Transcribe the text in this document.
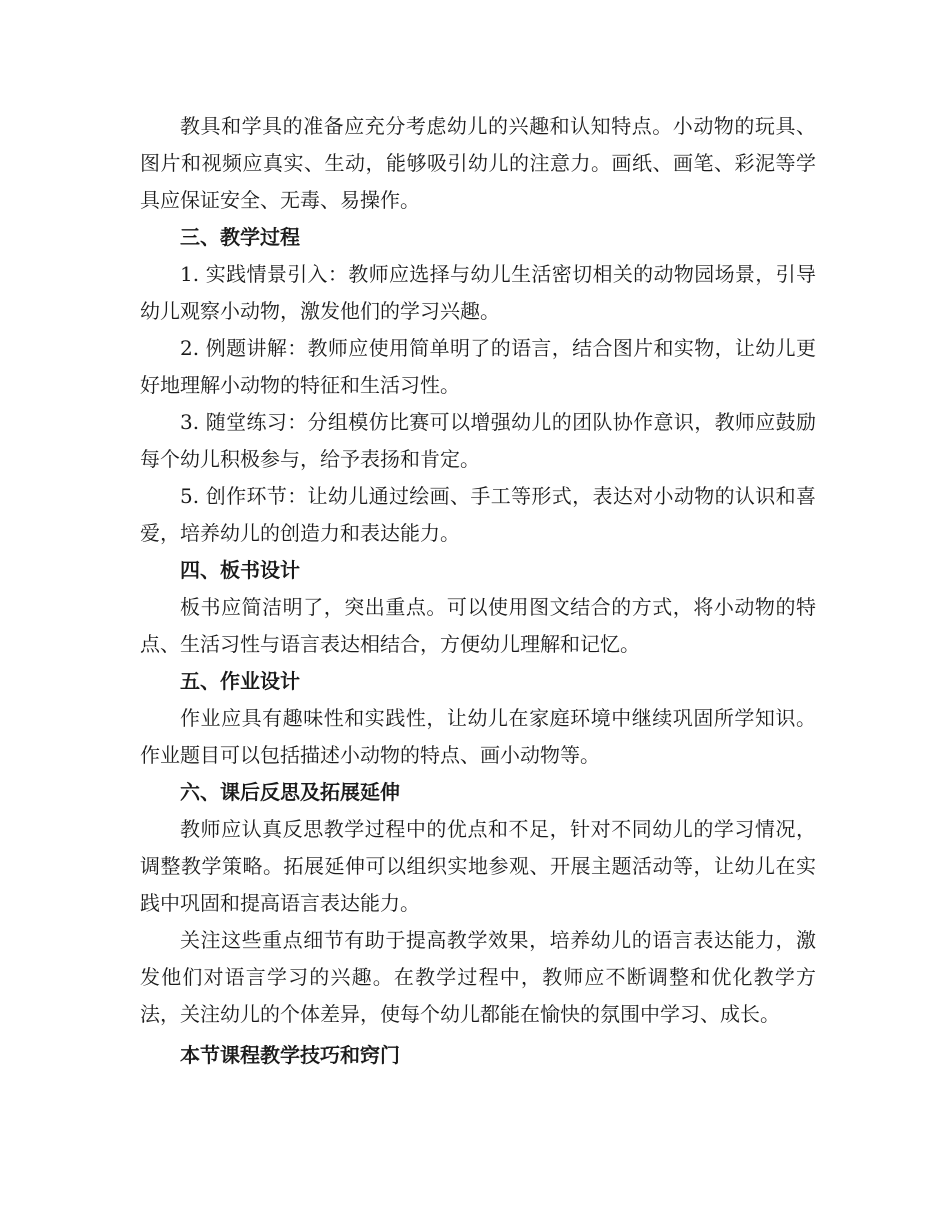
教具和学具的准备应充分考虑幼儿的兴趣和认知特点。小动物的玩具、图片和视频应真实、生动，能够吸引幼儿的注意力。画纸、画笔、彩泥等学具应保证安全、无毒、易操作。

三、教学过程

1. 实践情景引入：教师应选择与幼儿生活密切相关的动物园场景，引导幼儿观察小动物，激发他们的学习兴趣。

2. 例题讲解：教师应使用简单明了的语言，结合图片和实物，让幼儿更好地理解小动物的特征和生活习性。

3. 随堂练习：分组模仿比赛可以增强幼儿的团队协作意识，教师应鼓励每个幼儿积极参与，给予表扬和肯定。

5. 创作环节：让幼儿通过绘画、手工等形式，表达对小动物的认识和喜爱，培养幼儿的创造力和表达能力。

四、板书设计

板书应简洁明了，突出重点。可以使用图文结合的方式，将小动物的特点、生活习性与语言表达相结合，方便幼儿理解和记忆。

五、作业设计

作业应具有趣味性和实践性，让幼儿在家庭环境中继续巩固所学知识。作业题目可以包括描述小动物的特点、画小动物等。

六、课后反思及拓展延伸

教师应认真反思教学过程中的优点和不足，针对不同幼儿的学习情况，调整教学策略。拓展延伸可以组织实地参观、开展主题活动等，让幼儿在实践中巩固和提高语言表达能力。

关注这些重点细节有助于提高教学效果，培养幼儿的语言表达能力，激发他们对语言学习的兴趣。在教学过程中，教师应不断调整和优化教学方法，关注幼儿的个体差异，使每个幼儿都能在愉快的氛围中学习、成长。

本节课程教学技巧和窍门
